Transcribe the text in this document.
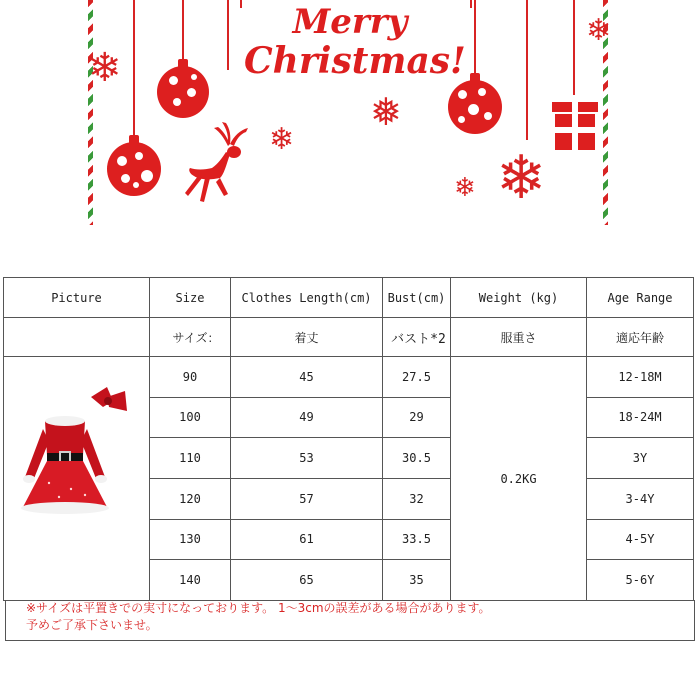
Merry
Christmas!
❄
❄
❅
❄ ❄
❄
Picture	Size	Clothes Length(cm)	Bust(cm)	Weight (kg)	Age Range
	サイズ：	着丈	バスト*2	服重さ	適応年齢
	90	45	27.5	0.2KG	12-18M
	100	49	29		18-24M
	110	53	30.5		3Y
	120	57	32		3-4Y
	130	61	33.5		4-5Y
	140	65	35		5-6Y
※サイズは平置きでの実寸になっております。 1～3cmの誤差がある場合があります。
予めご了承下さいませ。
